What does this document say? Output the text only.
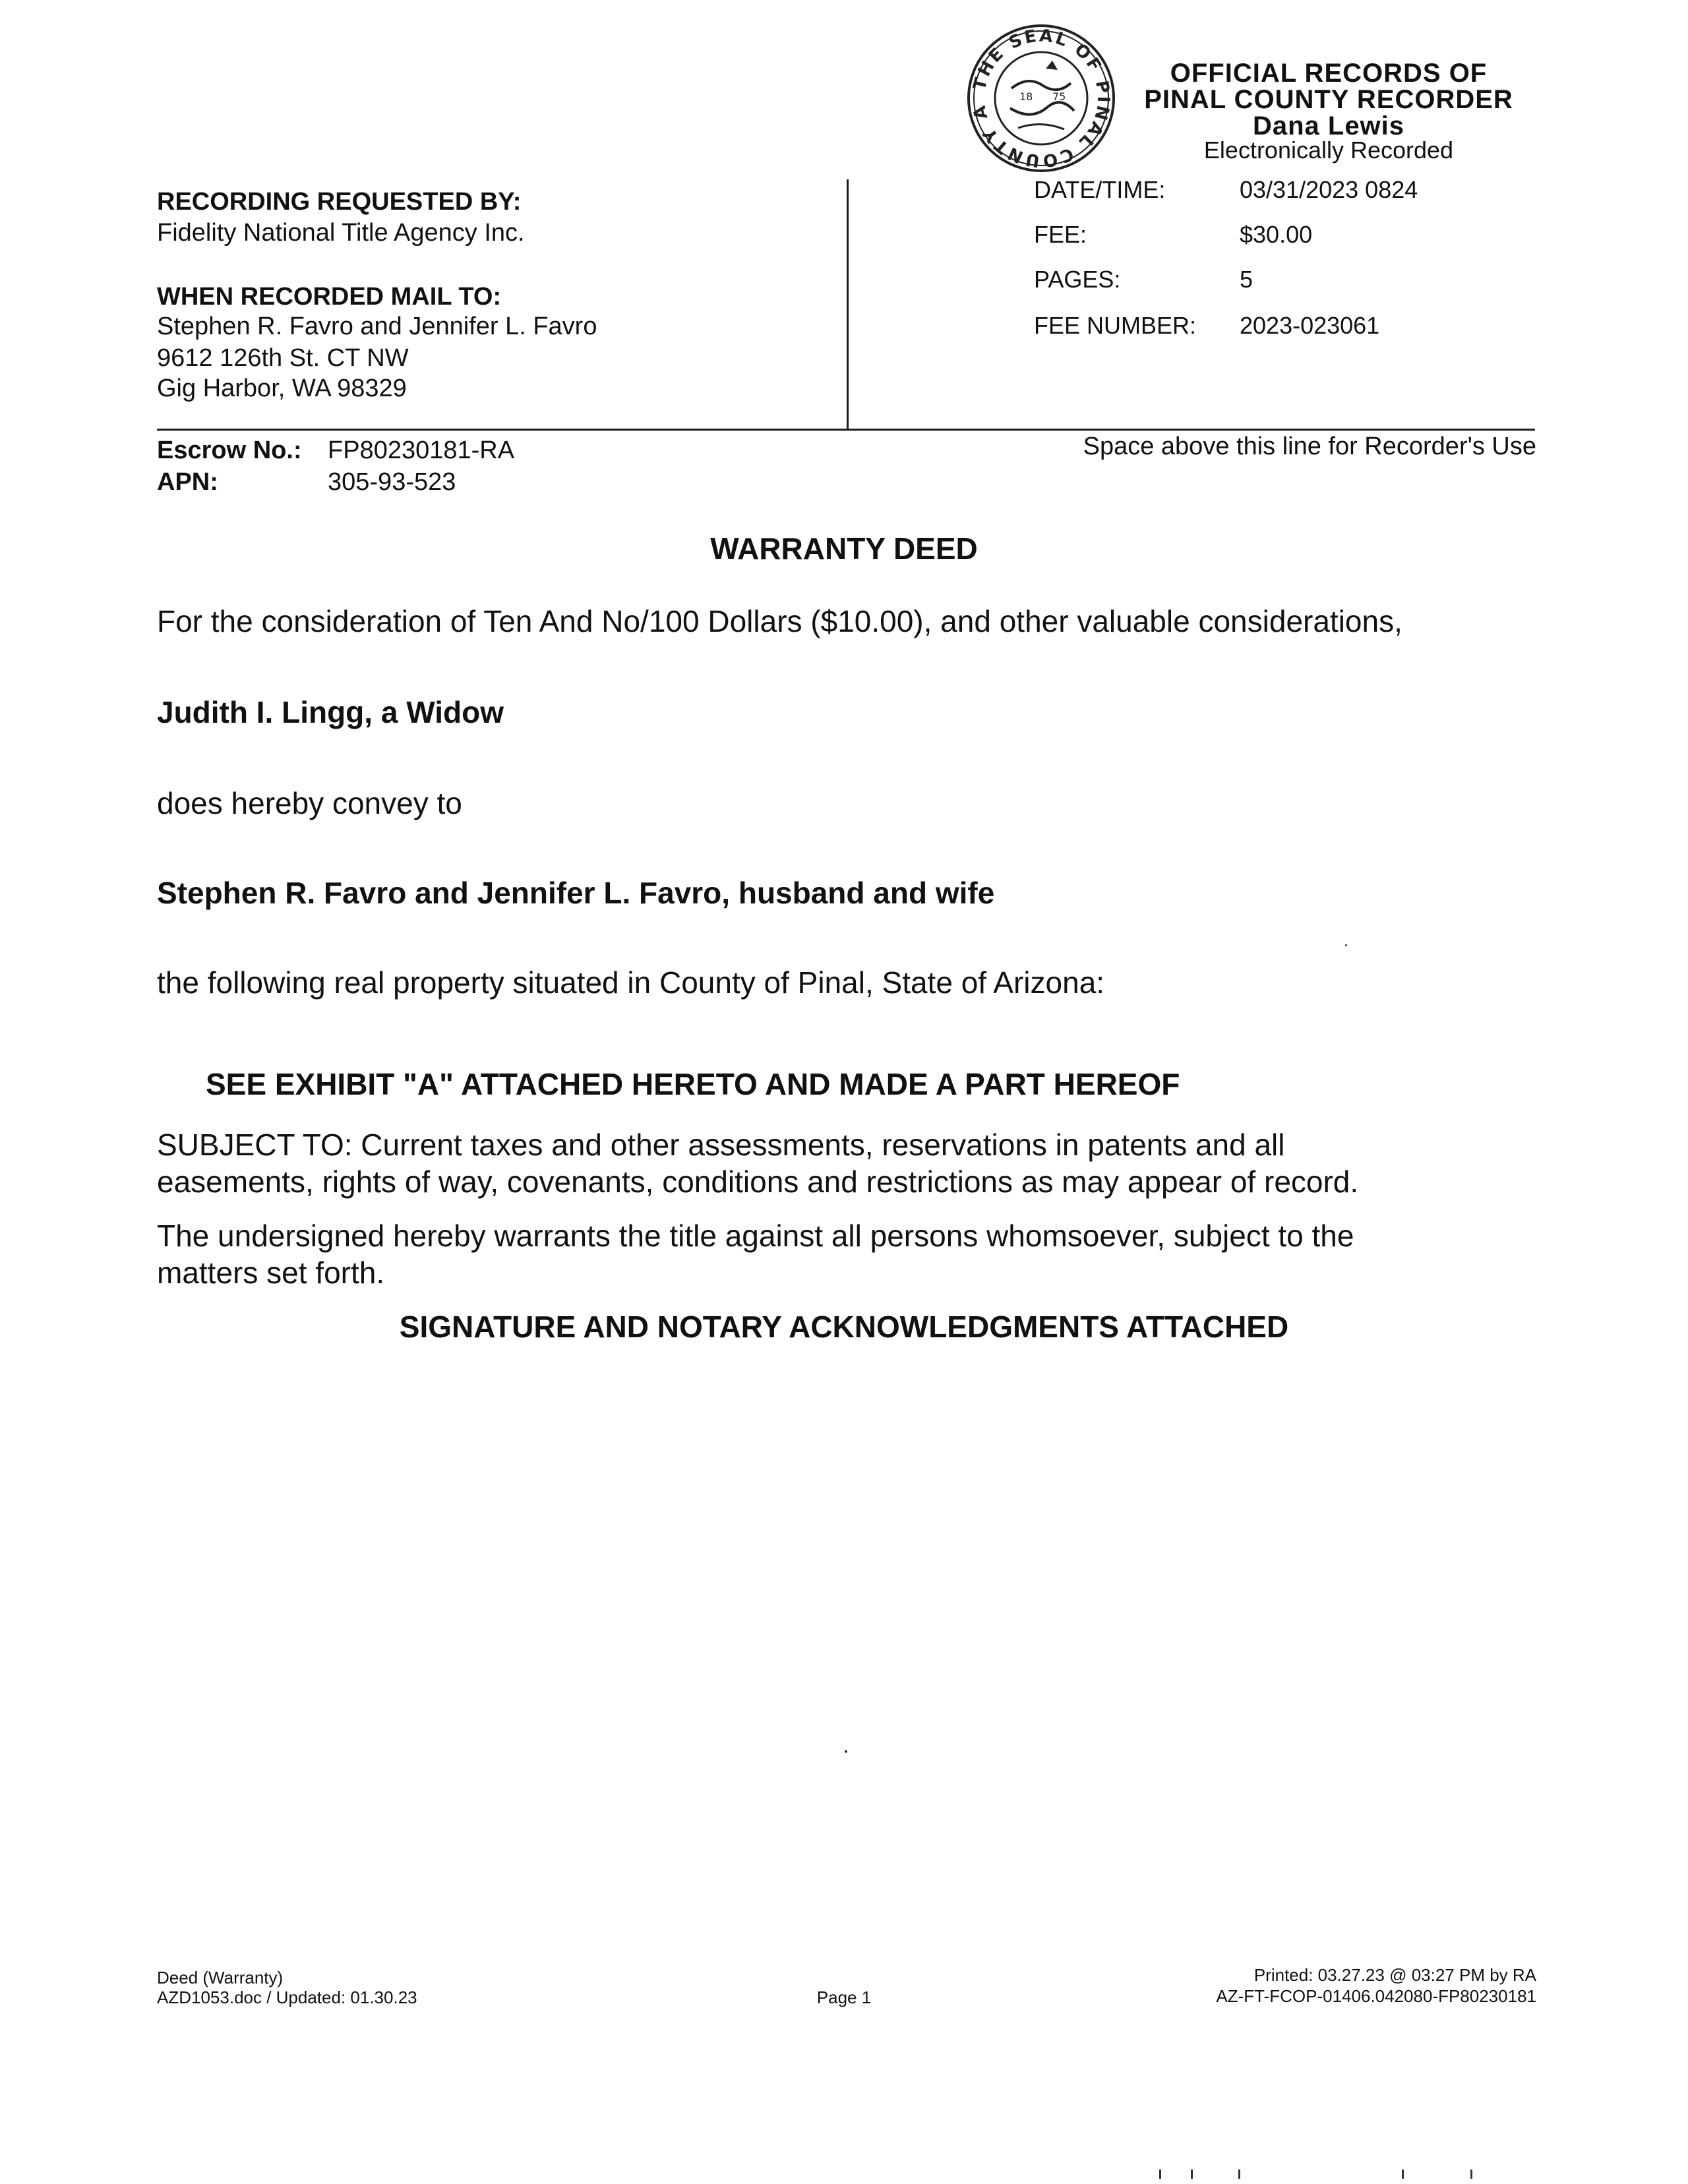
THE SEAL OF PINAL COUNTY A
18 75
OFFICIAL RECORDS OF
PINAL COUNTY RECORDER
Dana Lewis
Electronically Recorded
DATE/TIME:	03/31/2023 0824
FEE:	$30.00
PAGES:	5
FEE NUMBER: 2023-023061
RECORDING REQUESTED BY:
Fidelity National Title Agency Inc.
WHEN RECORDED MAIL TO:
Stephen R. Favro and Jennifer L. Favro
9612 126th St. CT NW
Gig Harbor, WA 98329
Escrow No.: FP80230181-RA
APN:	305-93-523
Space above this line for Recorder's Use
WARRANTY DEED
For the consideration of Ten And No/100 Dollars ($10.00), and other valuable considerations,
Judith I. Lingg, a Widow
does hereby convey to
Stephen R. Favro and Jennifer L. Favro, husband and wife
the following real property situated in County of Pinal, State of Arizona:
SEE EXHIBIT "A" ATTACHED HERETO AND MADE A PART HEREOF
SUBJECT TO: Current taxes and other assessments, reservations in patents and all
easements, rights of way, covenants, conditions and restrictions as may appear of record.
The undersigned hereby warrants the title against all persons whomsoever, subject to the
matters set forth.
SIGNATURE AND NOTARY ACKNOWLEDGMENTS ATTACHED
Deed (Warranty)
AZD1053.doc / Updated: 01.30.23	Page 1
Printed: 03.27.23 @ 03:27 PM by RA
AZ-FT-FCOP-01406.042080-FP80230181
